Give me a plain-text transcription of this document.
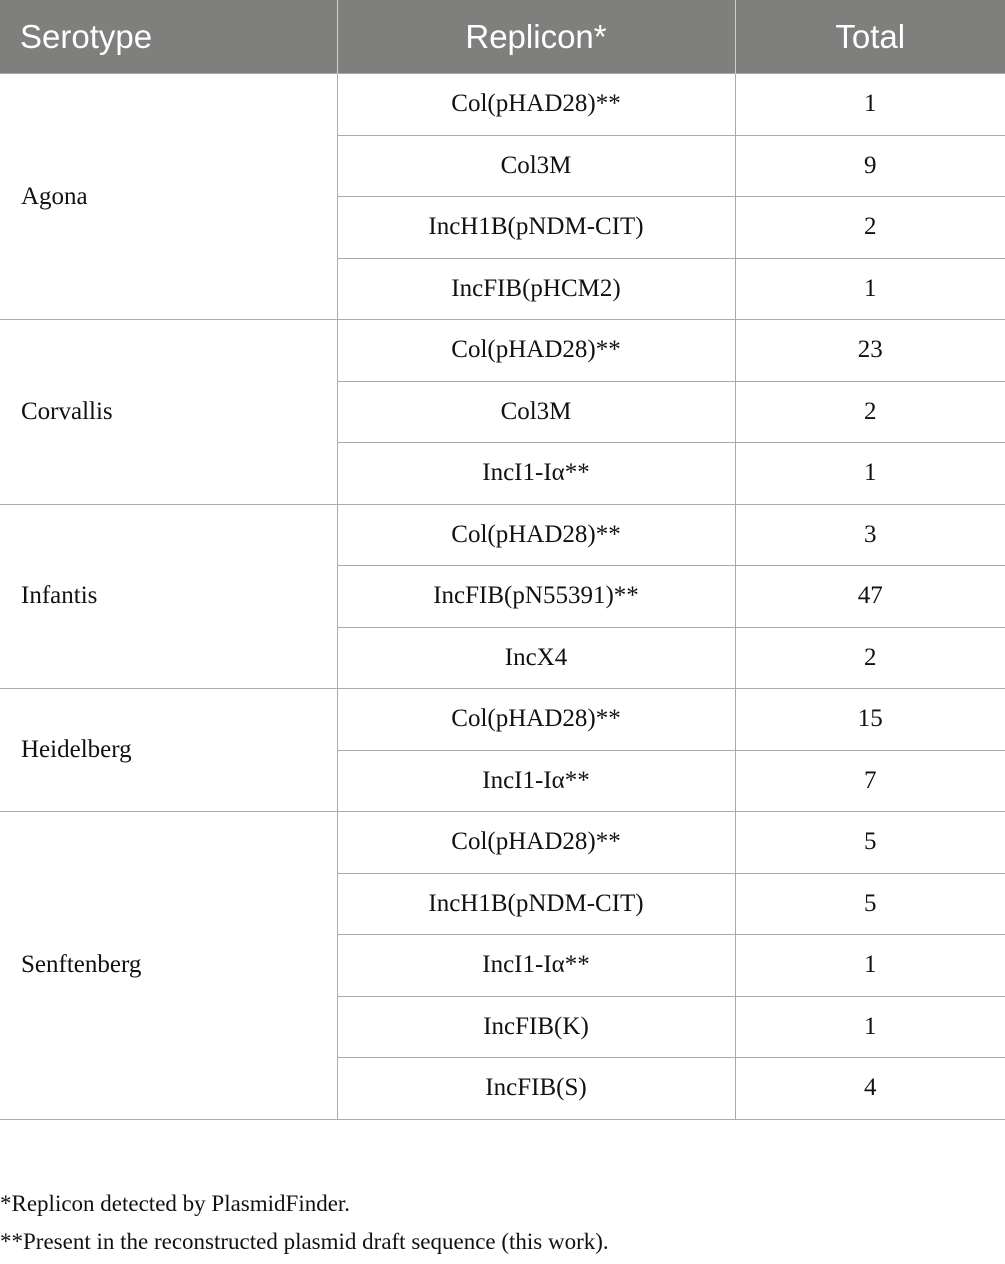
Serotype	Replicon*	Total
Agona	Col(pHAD28)**	1
	Col3M	9
	IncH1B(pNDM-CIT)	2
	IncFIB(pHCM2)	1
Corvallis	Col(pHAD28)**	23
	Col3M	2
	IncI1-Iα**	1
Infantis	Col(pHAD28)**	3
	IncFIB(pN55391)**	47
	IncX4	2
Heidelberg	Col(pHAD28)**	15
	IncI1-Iα**	7
Senftenberg	Col(pHAD28)**	5
	IncH1B(pNDM-CIT)	5
	IncI1-Iα**	1
	IncFIB(K)	1
	IncFIB(S)	4

*Replicon detected by PlasmidFinder.

**Present in the reconstructed plasmid draft sequence (this work).
